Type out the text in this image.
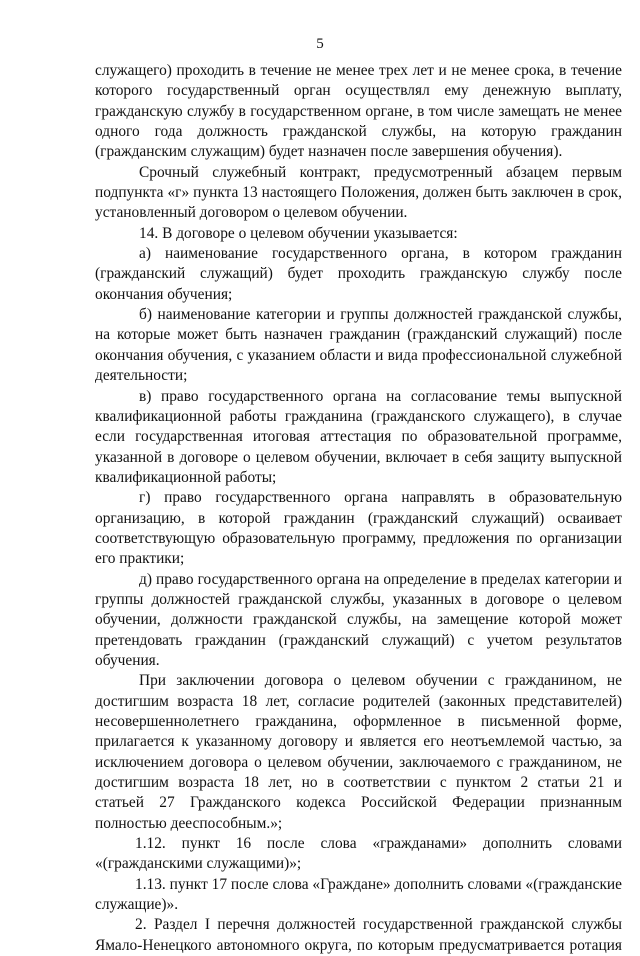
5
служащего) проходить в течение не менее трех лет и не менее срока, в течение
которого государственный орган осуществлял ему денежную выплату,
гражданскую службу в государственном органе, в том числе замещать не менее
одного года должность гражданской службы, на которую гражданин
(гражданским служащим) будет назначен после завершения обучения).
Срочный служебный контракт, предусмотренный абзацем первым
подпункта «г» пункта 13 настоящего Положения, должен быть заключен в срок,
установленный договором о целевом обучении.
14. В договоре о целевом обучении указывается:
а) наименование государственного органа, в котором гражданин
(гражданский служащий) будет проходить гражданскую службу после
окончания обучения;
б) наименование категории и группы должностей гражданской службы,
на которые может быть назначен гражданин (гражданский служащий) после
окончания обучения, с указанием области и вида профессиональной служебной
деятельности;
в) право государственного органа на согласование темы выпускной
квалификационной работы гражданина (гражданского служащего), в случае
если государственная итоговая аттестация по образовательной программе,
указанной в договоре о целевом обучении, включает в себя защиту выпускной
квалификационной работы;
г) право государственного органа направлять в образовательную
организацию, в которой гражданин (гражданский служащий) осваивает
соответствующую образовательную программу, предложения по организации
его практики;
д) право государственного органа на определение в пределах категории и
группы должностей гражданской службы, указанных в договоре о целевом
обучении, должности гражданской службы, на замещение которой может
претендовать гражданин (гражданский служащий) с учетом результатов
обучения.
При заключении договора о целевом обучении с гражданином, не
достигшим возраста 18 лет, согласие родителей (законных представителей)
несовершеннолетнего гражданина, оформленное в письменной форме,
прилагается к указанному договору и является его неотъемлемой частью, за
исключением договора о целевом обучении, заключаемого с гражданином, не
достигшим возраста 18 лет, но в соответствии с пунктом 2 статьи 21 и
статьей 27 Гражданского кодекса Российской Федерации признанным
полностью дееспособным.»;
1.12. пункт 16 после слова «гражданами» дополнить словами
«(гражданскими служащими)»;
1.13. пункт 17 после слова «Граждане» дополнить словами «(гражданские
служащие)».
2. Раздел I перечня должностей государственной гражданской службы
Ямало-Ненецкого автономного округа, по которым предусматривается ротация
